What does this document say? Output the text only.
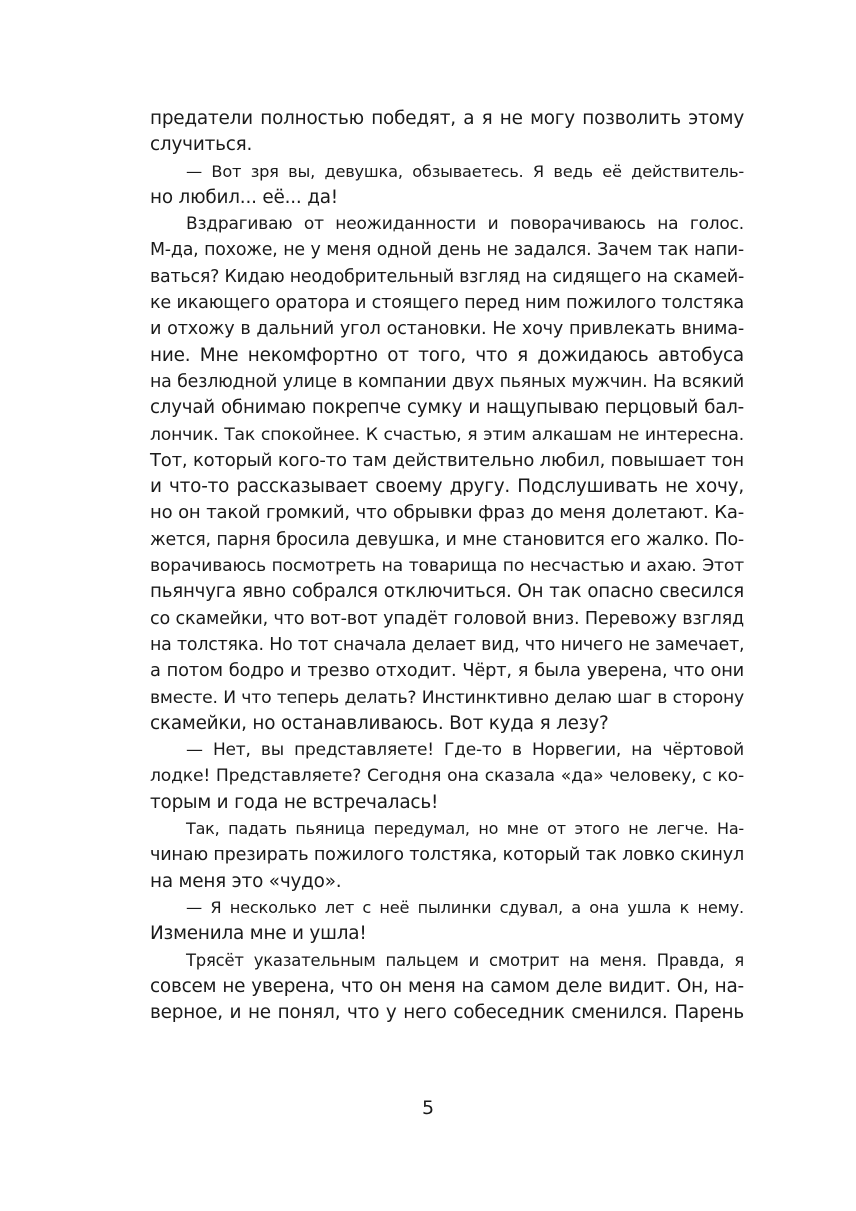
предатели полностью победят, а я не могу позволить этому
случиться.
— Вот зря вы, девушка, обзываетесь. Я ведь её действитель-
но любил... её... да!
Вздрагиваю от неожиданности и поворачиваюсь на голос.
М-да, похоже, не у меня одной день не задался. Зачем так напи-
ваться? Кидаю неодобрительный взгляд на сидящего на скамей-
ке икающего оратора и стоящего перед ним пожилого толстяка
и отхожу в дальний угол остановки. Не хочу привлекать внима-
ние. Мне некомфортно от того, что я дожидаюсь автобуса
на безлюдной улице в компании двух пьяных мужчин. На всякий
случай обнимаю покрепче сумку и нащупываю перцовый бал-
лончик. Так спокойнее. К счастью, я этим алкашам не интересна.
Тот, который кого-то там действительно любил, повышает тон
и что-то рассказывает своему другу. Подслушивать не хочу,
но он такой громкий, что обрывки фраз до меня долетают. Ка-
жется, парня бросила девушка, и мне становится его жалко. По-
ворачиваюсь посмотреть на товарища по несчастью и ахаю. Этот
пьянчуга явно собрался отключиться. Он так опасно свесился
со скамейки, что вот-вот упадёт головой вниз. Перевожу взгляд
на толстяка. Но тот сначала делает вид, что ничего не замечает,
а потом бодро и трезво отходит. Чёрт, я была уверена, что они
вместе. И что теперь делать? Инстинктивно делаю шаг в сторону
скамейки, но останавливаюсь. Вот куда я лезу?
— Нет, вы представляете! Где-то в Норвегии, на чёртовой
лодке! Представляете? Сегодня она сказала «да» человеку, с ко-
торым и года не встречалась!
Так, падать пьяница передумал, но мне от этого не легче. На-
чинаю презирать пожилого толстяка, который так ловко скинул
на меня это «чудо».
— Я несколько лет с неё пылинки сдувал, а она ушла к нему.
Изменила мне и ушла!
Трясёт указательным пальцем и смотрит на меня. Правда, я
совсем не уверена, что он меня на самом деле видит. Он, на-
верное, и не понял, что у него собеседник сменился. Парень
5
